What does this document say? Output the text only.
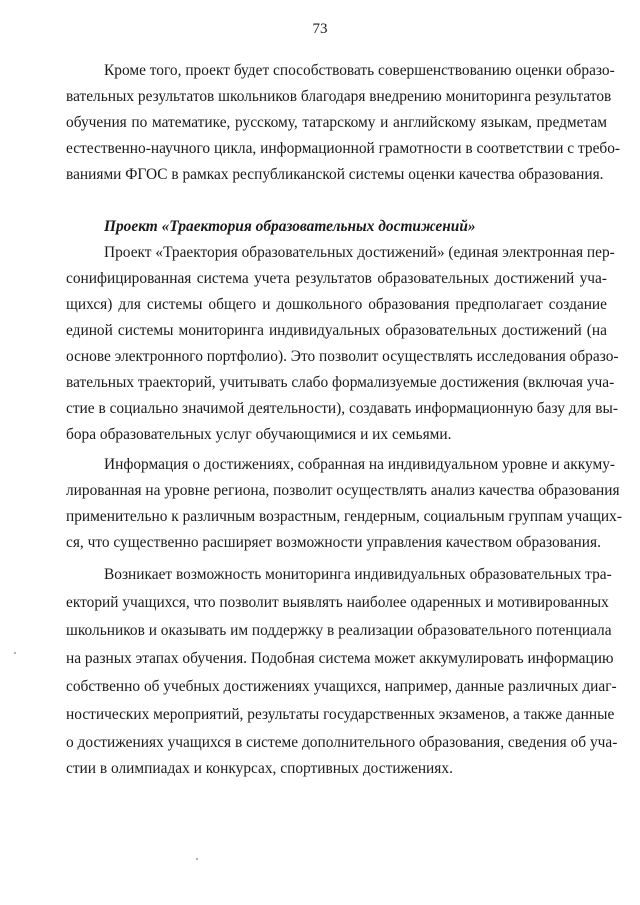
73
Кроме того, проект будет способствовать совершенствованию оценки образо-
вательных результатов школьников благодаря внедрению мониторинга результатов
обучения по математике, русскому, татарскому и английскому языкам, предметам
естественно-научного цикла, информационной грамотности в соответствии с требо-
ваниями ФГОС в рамках республиканской системы оценки качества образования.
Проект «Траектория образовательных достижений»
Проект «Траектория образовательных достижений» (единая электронная пер-
сонифицированная система учета результатов образовательных достижений уча-
щихся) для системы общего и дошкольного образования предполагает создание
единой системы мониторинга индивидуальных образовательных достижений (на
основе электронного портфолио). Это позволит осуществлять исследования образо-
вательных траекторий, учитывать слабо формализуемые достижения (включая уча-
стие в социально значимой деятельности), создавать информационную базу для вы-
бора образовательных услуг обучающимися и их семьями.
Информация о достижениях, собранная на индивидуальном уровне и аккуму-
лированная на уровне региона, позволит осуществлять анализ качества образования
применительно к различным возрастным, гендерным, социальным группам учащих-
ся, что существенно расширяет возможности управления качеством образования.
Возникает возможность мониторинга индивидуальных образовательных тра-
екторий учащихся, что позволит выявлять наиболее одаренных и мотивированных
школьников и оказывать им поддержку в реализации образовательного потенциала
на разных этапах обучения. Подобная система может аккумулировать информацию
собственно об учебных достижениях учащихся, например, данные различных диаг-
ностических мероприятий, результаты государственных экзаменов, а также данные
о достижениях учащихся в системе дополнительного образования, сведения об уча-
стии в олимпиадах и конкурсах, спортивных достижениях.
